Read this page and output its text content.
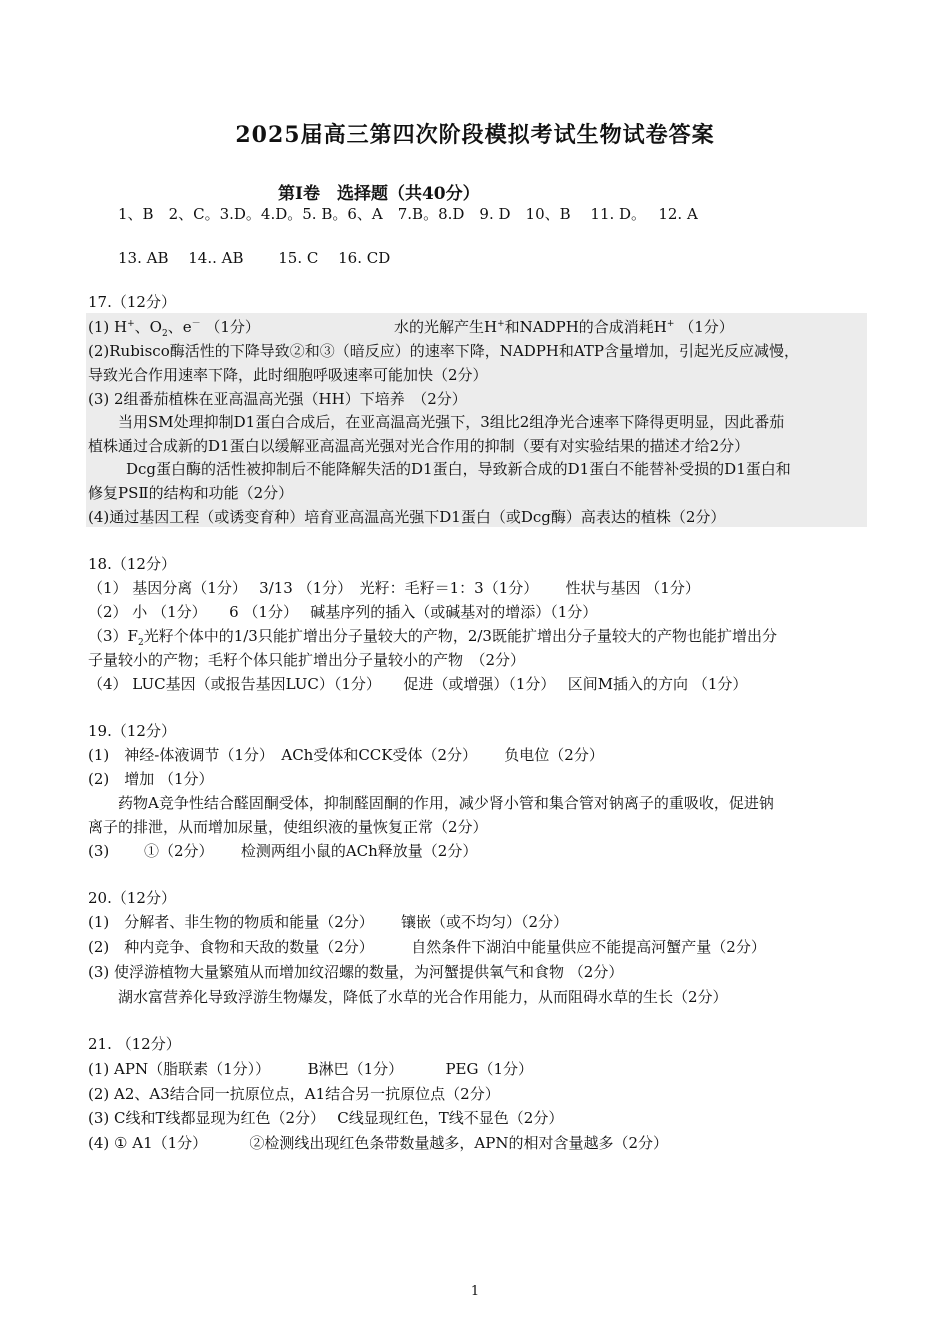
2025届高三第四次阶段模拟考试生物试卷答案
第Ⅰ卷　选择题（共40分）
1、B　2、C。3.D。4.D。5. B。6、A　7.B。8.D　9. D　10、B　 11. D。　 12. A
13. AB　 14.. AB　　 15. C　 16. CD
17.（12分）
(1) H+、$O_2$、e－ （1分）	水的光解产生H+和NADPH的合成消耗H+ （1分）
(2)Rubisco酶活性的下降导致②和③（暗反应）的速率下降，NADPH和ATP含量增加，引起光反应减慢，
导致光合作用速率下降，此时细胞呼吸速率可能加快（2分）
(3) 2组番茄植株在亚高温高光强（HH）下培养　（2分）
当用SM处理抑制D1蛋白合成后，在亚高温高光强下，3组比2组净光合速率下降得更明显，因此番茄
植株通过合成新的D1蛋白以缓解亚高温高光强对光合作用的抑制（要有对实验结果的描述才给2分）
Dcg蛋白酶的活性被抑制后不能降解失活的D1蛋白，导致新合成的D1蛋白不能替补受损的D1蛋白和
修复PSⅡ的结构和功能（2分）
(4)通过基因工程（或诱变育种）培育亚高温高光强下D1蛋白（或Dcg酶）高表达的植株（2分）
18.（12分）
（1） 基因分离（1分）　 3/13 （1分）　光籽：毛籽＝1：3（1分）　　 性状与基因 （1分）
（2） 小 （1分）　　6 （1分）　 碱基序列的插入（或碱基对的增添）（1分）
$(3)F_2$光籽个体中的1/3只能扩增出分子量较大的产物，2/3既能扩增出分子量较大的产物也能扩增出分
子量较小的产物；毛籽个体只能扩增出分子量较小的产物　（2分）
（4） LUC基因（或报告基因LUC）（1分）　　促进（或增强）（1分）　 区间M插入的方向 （1分）
19.（12分）
(1)　神经-体液调节（1分）　ACh受体和CCK受体（2分）　　 负电位（2分）
(2)　增加 （1分）
药物A竞争性结合醛固酮受体，抑制醛固酮的作用，减少肾小管和集合管对钠离子的重吸收，促进钠
离子的排泄，从而增加尿量，使组织液的量恢复正常（2分）
(3)　　 ①（2分）　　 检测两组小鼠的ACh释放量（2分）
20.（12分）
(1)　分解者、非生物的物质和能量（2分）　　 镶嵌（或不均匀）（2分）
(2)　种内竞争、食物和天敌的数量（2分）　　　自然条件下湖泊中能量供应不能提高河蟹产量（2分）
(3) 使浮游植物大量繁殖从而增加纹沼螺的数量，为河蟹提供氧气和食物 （2分）
湖水富营养化导致浮游生物爆发，降低了水草的光合作用能力，从而阻碍水草的生长（2分）
21. （12分）
(1) APN（脂联素（1分））　　　B淋巴（1分）　　　 PEG（1分）
(2) A2、A3结合同一抗原位点，A1结合另一抗原位点（2分）
(3) C线和T线都显现为红色（2分）　 C线显现红色，T线不显色（2分）
(4) ① A1（1分）　　　 ②检测线出现红色条带数量越多，APN的相对含量越多（2分）
1
